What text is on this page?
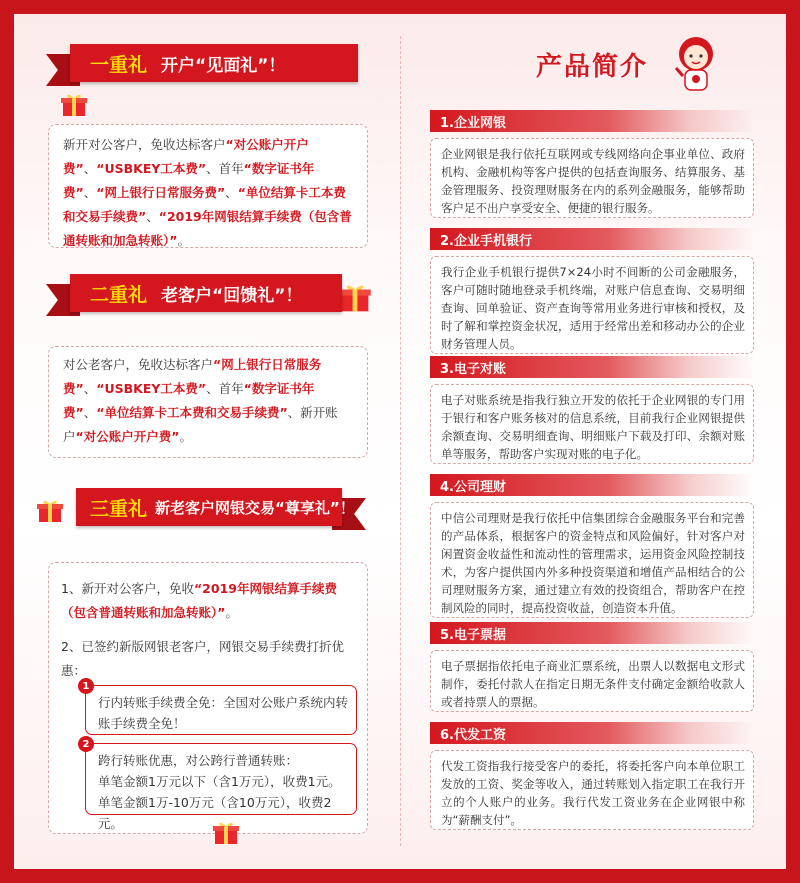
一重礼 开户“见面礼”！

新开对公客户，免收达标客户“对公账户开户费”、“USBKEY工本费”、首年“数字证书年费”、“网上银行日常服务费”、“单位结算卡工本费和交易手续费”、“2019年网银结算手续费（包含普通转账和加急转账）”。

二重礼 老客户“回馈礼”！

对公老客户，免收达标客户“网上银行日常服务费”、“USBKEY工本费”、首年“数字证书年费”、“单位结算卡工本费和交易手续费”、新开账户“对公账户开户费”。

三重礼 新老客户网银交易“尊享礼”！
1、新开对公客户，免收“2019年网银结算手续费（包含普通转账和加急转账）”。
2、已签约新版网银老客户，网银交易手续费打折优惠：
1
行内转账手续费全免：全国对公账户系统内转账手续费全免！
2
跨行转账优惠，对公跨行普通转账：
单笔金额1万元以下（含1万元），收费1元。
单笔金额1万-10万元（含10万元），收费2元。
产品简介
1.企业网银
企业网银是我行依托互联网或专线网络向企事业单位、政府机构、金融机构等客户提供的包括查询服务、结算服务、基金管理服务、投资理财服务在内的系列金融服务，能够帮助客户足不出户享受安全、便捷的银行服务。
2.企业手机银行
我行企业手机银行提供7×24小时不间断的公司金融服务，客户可随时随地登录手机终端，对账户信息查询、交易明细查询、回单验证、资产查询等常用业务进行审核和授权，及时了解和掌控资金状况，适用于经常出差和移动办公的企业财务管理人员。
3.电子对账
电子对账系统是指我行独立开发的依托于企业网银的专门用于银行和客户账务核对的信息系统，目前我行企业网银提供余额查询、交易明细查询、明细账户下载及打印、余额对账单等服务，帮助客户实现对账的电子化。
4.公司理财
中信公司理财是我行依托中信集团综合金融服务平台和完善的产品体系，根据客户的资金特点和风险偏好，针对客户对闲置资金收益性和流动性的管理需求，运用资金风险控制技术，为客户提供国内外多种投资渠道和增值产品相结合的公司理财服务方案，通过建立有效的投资组合，帮助客户在控制风险的同时，提高投资收益，创造资本升值。
5.电子票据
电子票据指依托电子商业汇票系统，出票人以数据电文形式制作，委托付款人在指定日期无条件支付确定金额给收款人或者持票人的票据。
6.代发工资
代发工资指我行接受客户的委托，将委托客户向本单位职工发放的工资、奖金等收入，通过转账划入指定职工在我行开立的个人账户的业务。我行代发工资业务在企业网银中称为“薪酬支付”。
